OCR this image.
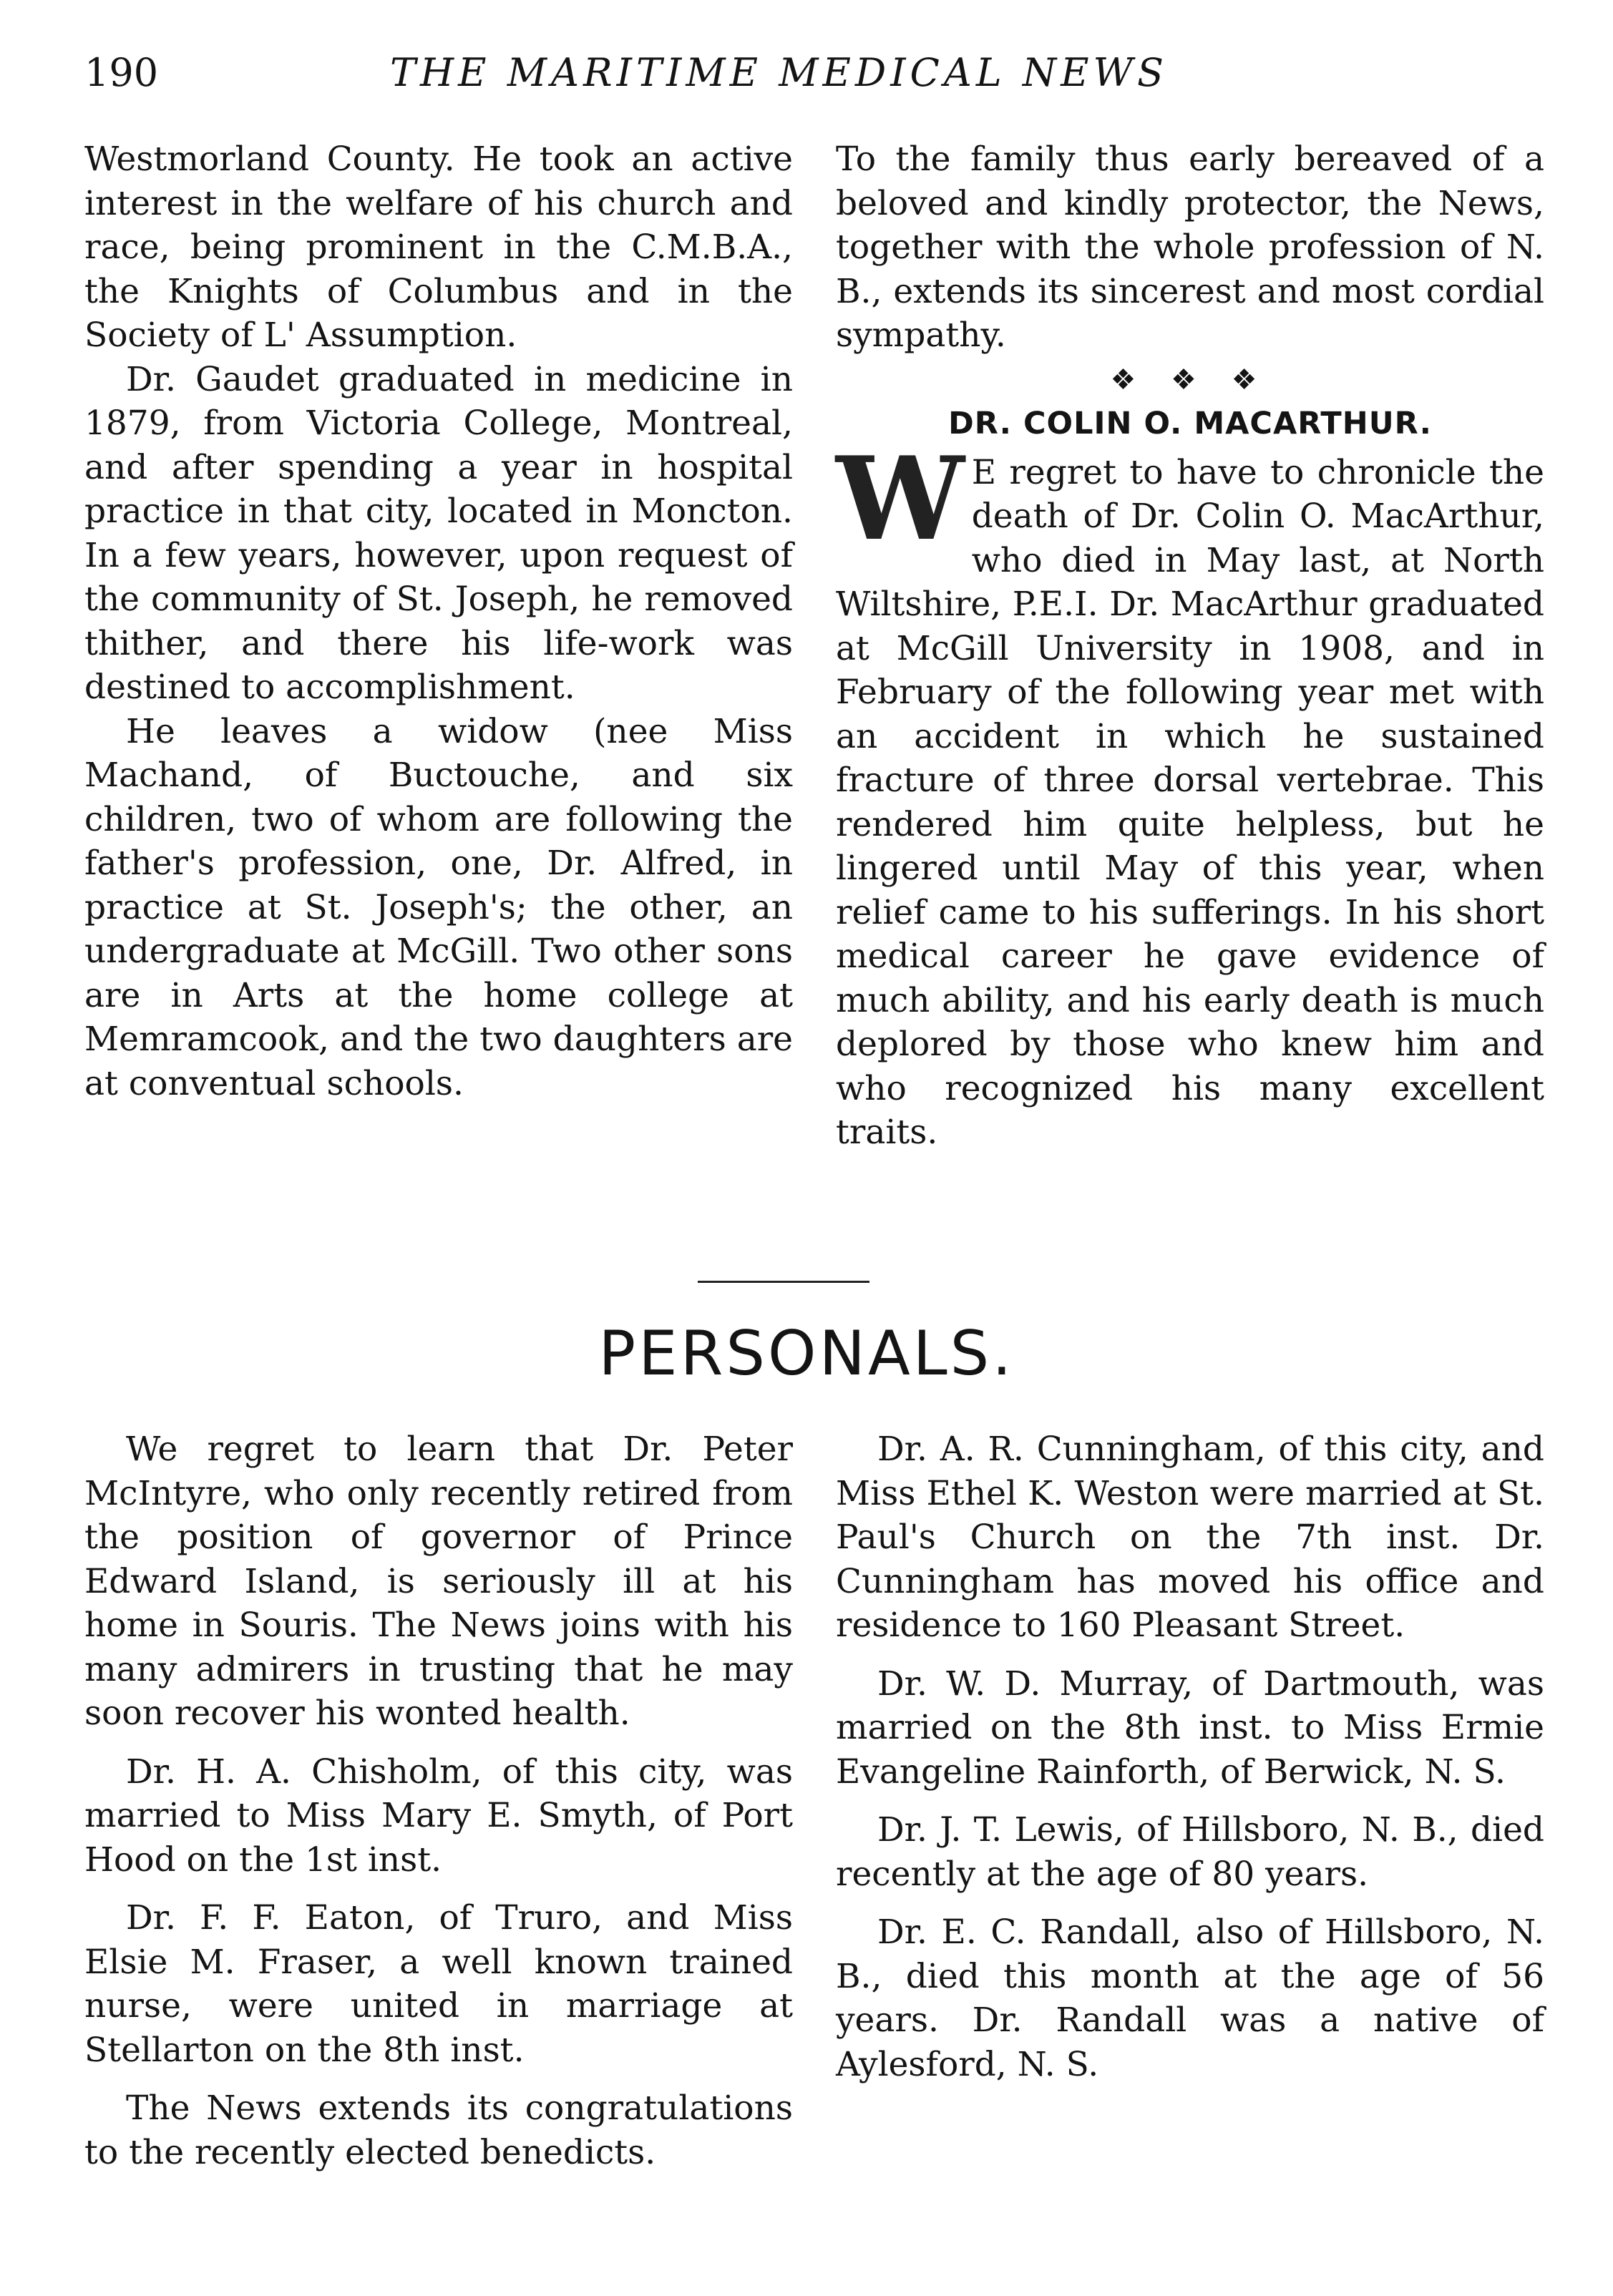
190	THE MARITIME MEDICAL NEWS

Westmorland County. He took an active interest in the welfare of his church and race, being prominent in the C.M.B.A., the Knights of Columbus and in the Society of L' Assumption.

Dr. Gaudet graduated in medicine in 1879, from Victoria College, Montreal, and after spending a year in hospital practice in that city, located in Moncton. In a few years, however, upon request of the community of St. Joseph, he removed thither, and there his life-work was destined to accomplishment.

He leaves a widow (nee Miss Machand, of Buctouche, and six children, two of whom are following the father's profession, one, Dr. Alfred, in practice at St. Joseph's; the other, an undergraduate at McGill. Two other sons are in Arts at the home college at Memramcook, and the two daughters are at conventual schools.

To the family thus early bereaved of a beloved and kindly protector, the News, together with the whole profession of N. B., extends its sincerest and most cordial sympathy.

❖ ❖ ❖
DR. COLIN O. MACARTHUR.

W E regret to have to chronicle the death of Dr. Colin O. MacArthur, who died in May last, at North Wiltshire, P.E.I. Dr. MacArthur graduated at McGill University in 1908, and in February of the following year met with an accident in which he sustained fracture of three dorsal vertebrae. This rendered him quite helpless, but he lingered until May of this year, when relief came to his sufferings. In his short medical career he gave evidence of much ability, and his early death is much deplored by those who knew him and who recognized his many excellent traits.

PERSONALS.

We regret to learn that Dr. Peter McIntyre, who only recently retired from the position of governor of Prince Edward Island, is seriously ill at his home in Souris. The News joins with his many admirers in trusting that he may soon recover his wonted health.

Dr. H. A. Chisholm, of this city, was married to Miss Mary E. Smyth, of Port Hood on the 1st inst.

Dr. F. F. Eaton, of Truro, and Miss Elsie M. Fraser, a well known trained nurse, were united in marriage at Stellarton on the 8th inst.

The News extends its congratulations to the recently elected benedicts.

Dr. A. R. Cunningham, of this city, and Miss Ethel K. Weston were married at St. Paul's Church on the 7th inst. Dr. Cunningham has moved his office and residence to 160 Pleasant Street.

Dr. W. D. Murray, of Dartmouth, was married on the 8th inst. to Miss Ermie Evangeline Rainforth, of Berwick, N. S.

Dr. J. T. Lewis, of Hillsboro, N. B., died recently at the age of 80 years.

Dr. E. C. Randall, also of Hillsboro, N. B., died this month at the age of 56 years. Dr. Randall was a native of Aylesford, N. S.
